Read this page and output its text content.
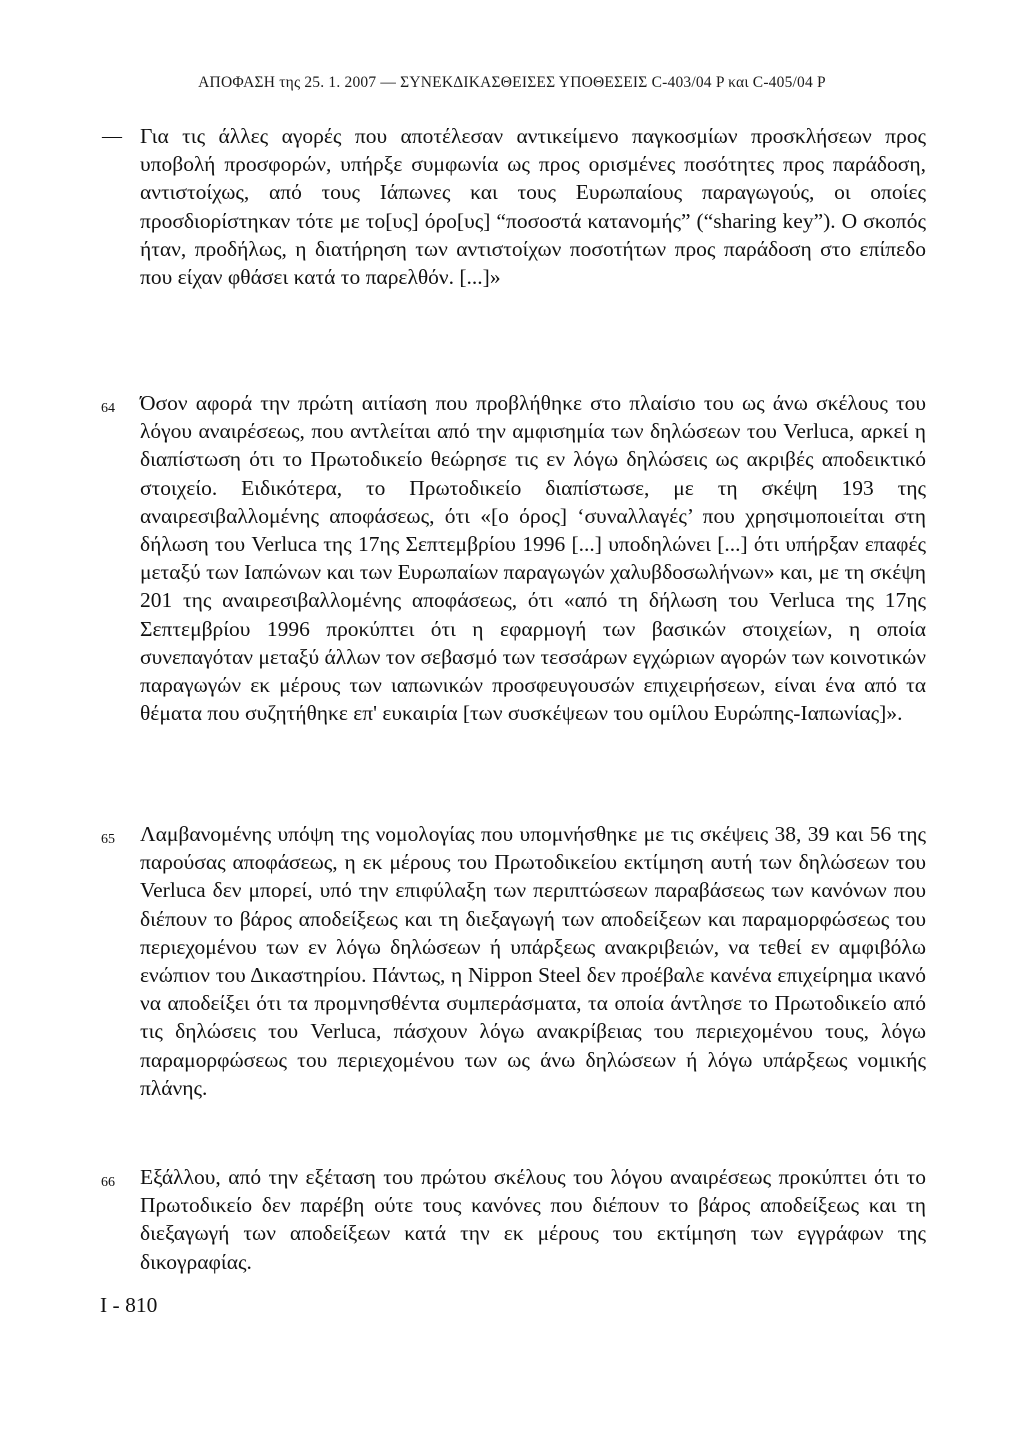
ΑΠΟΦΑΣΗ της 25. 1. 2007 — ΣΥΝΕΚΔΙΚΑΣΘΕΙΣΕΣ ΥΠΟΘΕΣΕΙΣ C-403/04 P και C-405/04 P
— Για τις άλλες αγορές που αποτέλεσαν αντικείμενο παγκοσμίων προσκλήσεων προς υποβολή προσφορών, υπήρξε συμφωνία ως προς ορισμένες ποσότητες προς παράδοση, αντιστοίχως, από τους Ιάπωνες και τους Ευρωπαίους παραγωγούς, οι οποίες προσδιορίστηκαν τότε με το[υς] όρο[υς] “ποσοστά κατανομής” (“sharing key”). Ο σκοπός ήταν, προδήλως, η διατήρηση των αντιστοίχων ποσοτήτων προς παράδοση στο επίπεδο που είχαν φθάσει κατά το παρελθόν. [...]»
64 Όσον αφορά την πρώτη αιτίαση που προβλήθηκε στο πλαίσιο του ως άνω σκέλους του λόγου αναιρέσεως, που αντλείται από την αμφισημία των δηλώσεων του Verluca, αρκεί η διαπίστωση ότι το Πρωτοδικείο θεώρησε τις εν λόγω δηλώσεις ως ακριβές αποδεικτικό στοιχείο. Ειδικότερα, το Πρωτοδικείο διαπίστωσε, με τη σκέψη 193 της αναιρεσιβαλλομένης αποφάσεως, ότι «[ο όρος] ‘συναλλαγές’ που χρησιμοποιείται στη δήλωση του Verluca της 17ης Σεπτεμβρίου 1996 [...] υποδηλώνει [...] ότι υπήρξαν επαφές μεταξύ των Ιαπώνων και των Ευρωπαίων παραγωγών χαλυβδοσωλήνων» και, με τη σκέψη 201 της αναιρεσιβαλλομένης αποφάσεως, ότι «από τη δήλωση του Verluca της 17ης Σεπτεμβρίου 1996 προκύπτει ότι η εφαρμογή των βασικών στοιχείων, η οποία συνεπαγόταν μεταξύ άλλων τον σεβασμό των τεσσάρων εγχώριων αγορών των κοινοτικών παραγωγών εκ μέρους των ιαπωνικών προσφευγουσών επιχειρήσεων, είναι ένα από τα θέματα που συζητήθηκε επ' ευκαιρία [των συσκέψεων του ομίλου Ευρώπης-Ιαπωνίας]».
65 Λαμβανομένης υπόψη της νομολογίας που υπομνήσθηκε με τις σκέψεις 38, 39 και 56 της παρούσας αποφάσεως, η εκ μέρους του Πρωτοδικείου εκτίμηση αυτή των δηλώσεων του Verluca δεν μπορεί, υπό την επιφύλαξη των περιπτώσεων παραβάσεως των κανόνων που διέπουν το βάρος αποδείξεως και τη διεξαγωγή των αποδείξεων και παραμορφώσεως του περιεχομένου των εν λόγω δηλώσεων ή υπάρξεως ανακριβειών, να τεθεί εν αμφιβόλω ενώπιον του Δικαστηρίου. Πάντως, η Nippon Steel δεν προέβαλε κανένα επιχείρημα ικανό να αποδείξει ότι τα προμνησθέντα συμπεράσματα, τα οποία άντλησε το Πρωτοδικείο από τις δηλώσεις του Verluca, πάσχουν λόγω ανακρίβειας του περιεχομένου τους, λόγω παραμορφώσεως του περιεχομένου των ως άνω δηλώσεων ή λόγω υπάρξεως νομικής πλάνης.
66 Εξάλλου, από την εξέταση του πρώτου σκέλους του λόγου αναιρέσεως προκύπτει ότι το Πρωτοδικείο δεν παρέβη ούτε τους κανόνες που διέπουν το βάρος αποδείξεως και τη διεξαγωγή των αποδείξεων κατά την εκ μέρους του εκτίμηση των εγγράφων της δικογραφίας.
I - 810
